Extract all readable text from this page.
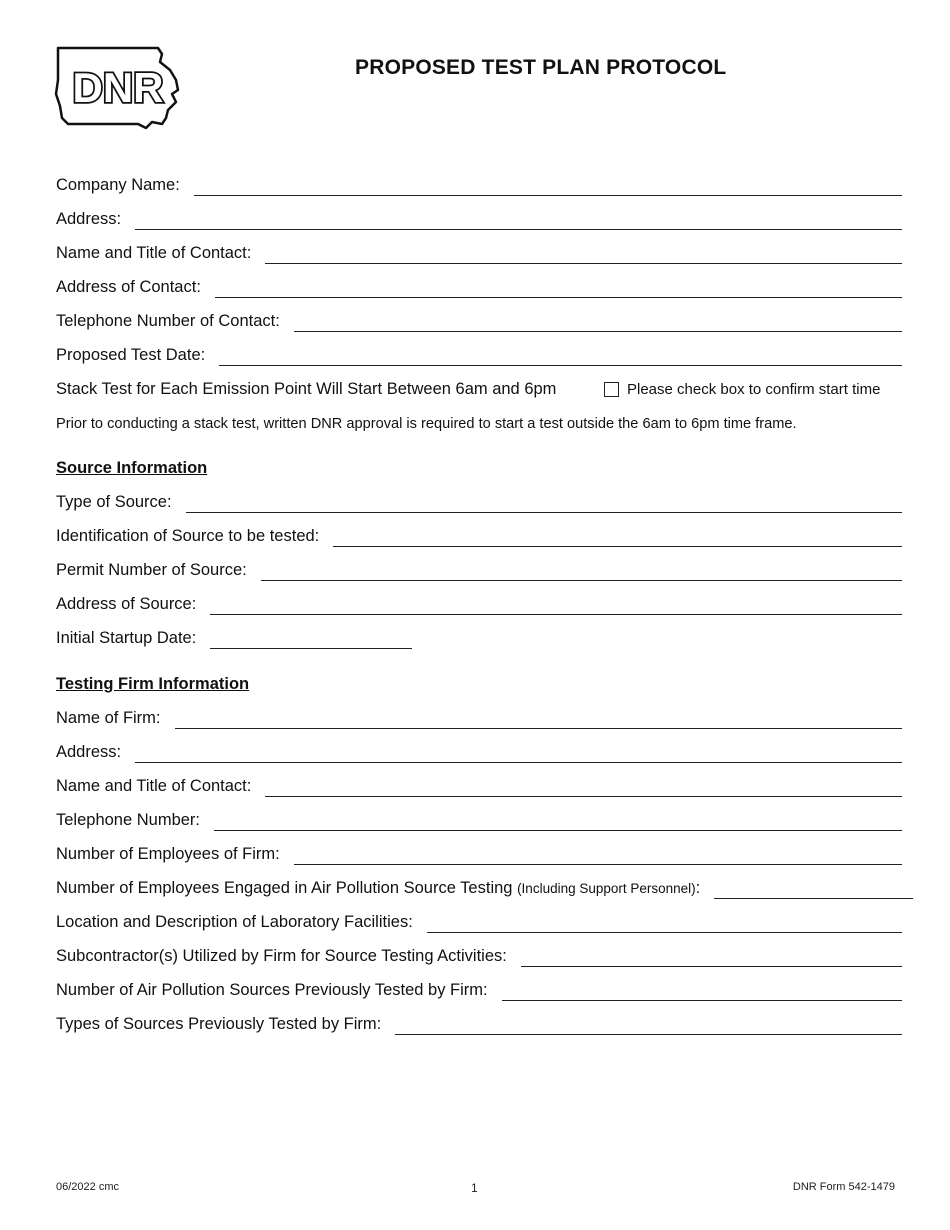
DNR	PROPOSED TEST PLAN PROTOCOL
Company Name:
Address:
Name and Title of Contact:
Address of Contact:
Telephone Number of Contact:
Proposed Test Date:
Stack Test for Each Emission Point Will Start Between 6am and 6pm	Please check box to confirm start time
Prior to conducting a stack test, written DNR approval is required to start a test outside the 6am to 6pm time frame.
Source Information
Type of Source:
Identification of Source to be tested:
Permit Number of Source:
Address of Source:
Initial Startup Date:
Testing Firm Information
Name of Firm:
Address:
Name and Title of Contact:
Telephone Number:
Number of Employees of Firm:
Number of Employees Engaged in Air Pollution Source Testing (Including Support Personnel):
Location and Description of Laboratory Facilities:
Subcontractor(s) Utilized by Firm for Source Testing Activities:
Number of Air Pollution Sources Previously Tested by Firm:
Types of Sources Previously Tested by Firm:
06/2022 cmc	1	DNR Form 542-1479
